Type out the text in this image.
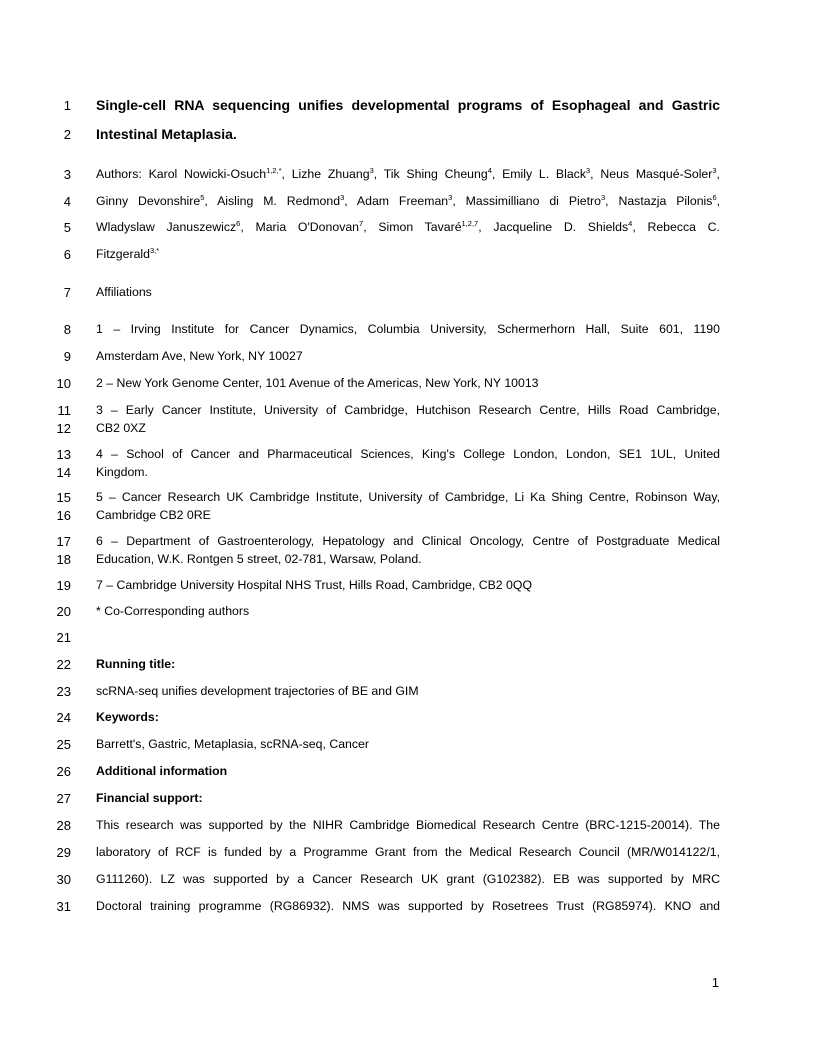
1
2
3
4
5
6
7
8
9
10
11
12
13
14
15
16
17
18
19
20
21
22
23
24
25
26
27
28
29
30
31
Single-cell RNA sequencing unifies developmental programs of Esophageal and Gastric
Intestinal Metaplasia.
Authors: Karol Nowicki-Osuch$^{1,2,*}$, Lizhe Zhuang$^3$, Tik Shing Cheung$^4$, Emily L. Black$^3$, Neus Masqué-Soler$^3$,
Ginny Devonshire$^5$, Aisling M. Redmond$^3$, Adam Freeman$^3$, Massimilliano di Pietro$^3$, Nastazja Pilonis$^6$,
Wladyslaw Januszewicz$^6$, Maria O'Donovan$^7$, Simon Tavaré$^{1,2,7}$, Jacqueline D. Shields$^4$, Rebecca C.
Fitzgerald$^{3,*}$
Affiliations
1 – Irving Institute for Cancer Dynamics, Columbia University, Schermerhorn Hall, Suite 601, 1190
Amsterdam Ave, New York, NY 10027
2 – New York Genome Center, 101 Avenue of the Americas, New York, NY 10013
3 – Early Cancer Institute, University of Cambridge, Hutchison Research Centre, Hills Road Cambridge,
CB2 0XZ
4 – School of Cancer and Pharmaceutical Sciences, King's College London, London, SE1 1UL, United
Kingdom.
5 – Cancer Research UK Cambridge Institute, University of Cambridge, Li Ka Shing Centre, Robinson Way,
Cambridge CB2 0RE
6 – Department of Gastroenterology, Hepatology and Clinical Oncology, Centre of Postgraduate Medical
Education, W.K. Rontgen 5 street, 02-781, Warsaw, Poland.
7 – Cambridge University Hospital NHS Trust, Hills Road, Cambridge, CB2 0QQ
* Co-Corresponding authors
Running title:
scRNA-seq unifies development trajectories of BE and GIM
Keywords:
Barrett's, Gastric, Metaplasia, scRNA-seq, Cancer
Additional information
Financial support:
This research was supported by the NIHR Cambridge Biomedical Research Centre (BRC-1215-20014). The
laboratory of RCF is funded by a Programme Grant from the Medical Research Council (MR/W014122/1,
G111260). LZ was supported by a Cancer Research UK grant (G102382). EB was supported by MRC
Doctoral training programme (RG86932). NMS was supported by Rosetrees Trust (RG85974). KNO and
1
